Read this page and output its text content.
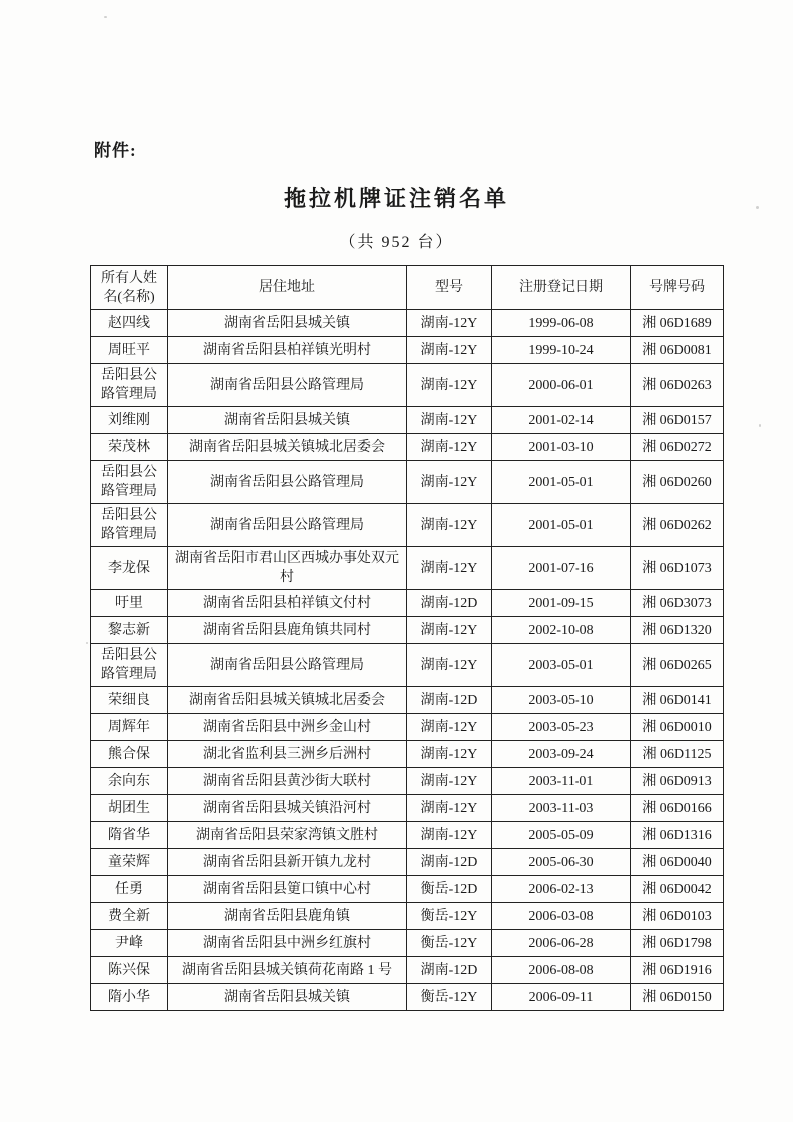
附件:
拖拉机牌证注销名单
（共 952 台）
所有人姓名(名称)	居住地址	型号	注册登记日期	号牌号码
赵四线	湖南省岳阳县城关镇	湖南-12Y	1999-06-08	湘 06D1689
周旺平	湖南省岳阳县柏祥镇光明村	湖南-12Y	1999-10-24	湘 06D0081
岳阳县公路管理局	湖南省岳阳县公路管理局	湖南-12Y	2000-06-01	湘 06D0263
刘维刚	湖南省岳阳县城关镇	湖南-12Y	2001-02-14	湘 06D0157
荣茂林	湖南省岳阳县城关镇城北居委会	湖南-12Y	2001-03-10	湘 06D0272
岳阳县公路管理局	湖南省岳阳县公路管理局	湖南-12Y	2001-05-01	湘 06D0260
岳阳县公路管理局	湖南省岳阳县公路管理局	湖南-12Y	2001-05-01	湘 06D0262
李龙保	湖南省岳阳市君山区西城办事处双元村	湖南-12Y	2001-07-16	湘 06D1073
吁里	湖南省岳阳县柏祥镇文付村	湖南-12D	2001-09-15	湘 06D3073
黎志新	湖南省岳阳县鹿角镇共同村	湖南-12Y	2002-10-08	湘 06D1320
岳阳县公路管理局	湖南省岳阳县公路管理局	湖南-12Y	2003-05-01	湘 06D0265
荣细良	湖南省岳阳县城关镇城北居委会	湖南-12D	2003-05-10	湘 06D0141
周辉年	湖南省岳阳县中洲乡金山村	湖南-12Y	2003-05-23	湘 06D0010
熊合保	湖北省监利县三洲乡后洲村	湖南-12Y	2003-09-24	湘 06D1125
余向东	湖南省岳阳县黄沙街大联村	湖南-12Y	2003-11-01	湘 06D0913
胡团生	湖南省岳阳县城关镇沿河村	湖南-12Y	2003-11-03	湘 06D0166
隋省华	湖南省岳阳县荣家湾镇文胜村	湖南-12Y	2005-05-09	湘 06D1316
童荣辉	湖南省岳阳县新开镇九龙村	湖南-12D	2005-06-30	湘 06D0040
任勇	湖南省岳阳县筻口镇中心村	衡岳-12D	2006-02-13	湘 06D0042
费全新	湖南省岳阳县鹿角镇	衡岳-12Y	2006-03-08	湘 06D0103
尹峰	湖南省岳阳县中洲乡红旗村	衡岳-12Y	2006-06-28	湘 06D1798
陈兴保	湖南省岳阳县城关镇荷花南路 1 号	湖南-12D	2006-08-08	湘 06D1916
隋小华	湖南省岳阳县城关镇	衡岳-12Y	2006-09-11	湘 06D0150
